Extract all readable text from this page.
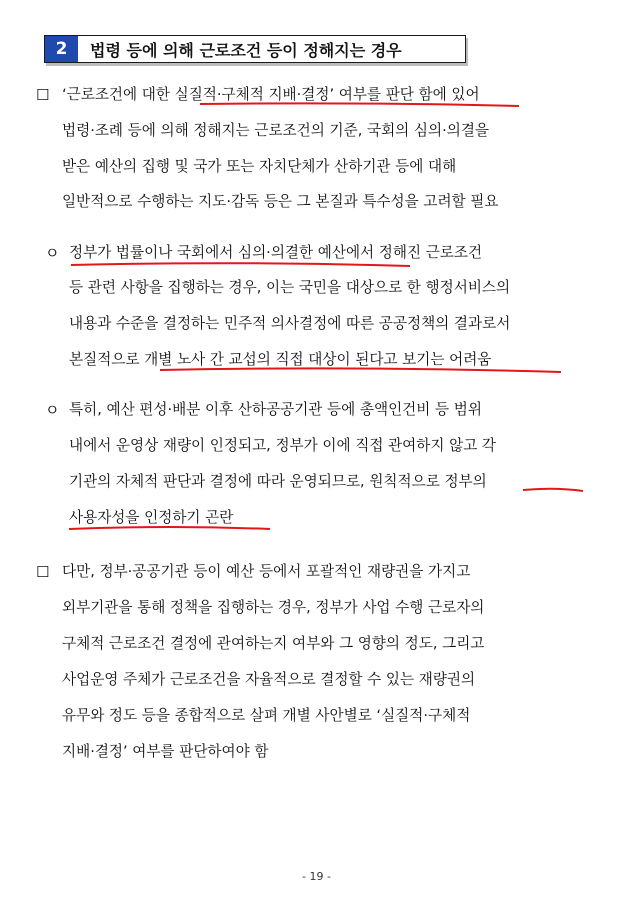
2	법령 등에 의해 근로조건 등이 정해지는 경우
☐ ‘근로조건에 대한 실질적·구체적 지배·결정’ 여부를 판단 함에 있어
법령·조례 등에 의해 정해지는 근로조건의 기준, 국회의 심의·의결을
받은 예산의 집행 및 국가 또는 자치단체가 산하기관 등에 대해
일반적으로 수행하는 지도·감독 등은 그 본질과 특수성을 고려할 필요
ㅇ 정부가 법률이나 국회에서 심의·의결한 예산에서 정해진 근로조건
등 관련 사항을 집행하는 경우, 이는 국민을 대상으로 한 행정서비스의
내용과 수준을 결정하는 민주적 의사결정에 따른 공공정책의 결과로서
본질적으로 개별 노사 간 교섭의 직접 대상이 된다고 보기는 어려움
ㅇ 특히, 예산 편성·배분 이후 산하공공기관 등에 총액인건비 등 범위
내에서 운영상 재량이 인정되고, 정부가 이에 직접 관여하지 않고 각
기관의 자체적 판단과 결정에 따라 운영되므로, 원칙적으로 정부의
사용자성을 인정하기 곤란
☐ 다만, 정부·공공기관 등이 예산 등에서 포괄적인 재량권을 가지고
외부기관을 통해 정책을 집행하는 경우, 정부가 사업 수행 근로자의
구체적 근로조건 결정에 관여하는지 여부와 그 영향의 정도, 그리고
사업운영 주체가 근로조건을 자율적으로 결정할 수 있는 재량권의
유무와 정도 등을 종합적으로 살펴 개별 사안별로 ‘실질적·구체적
지배·결정’ 여부를 판단하여야 함
- 19 -
